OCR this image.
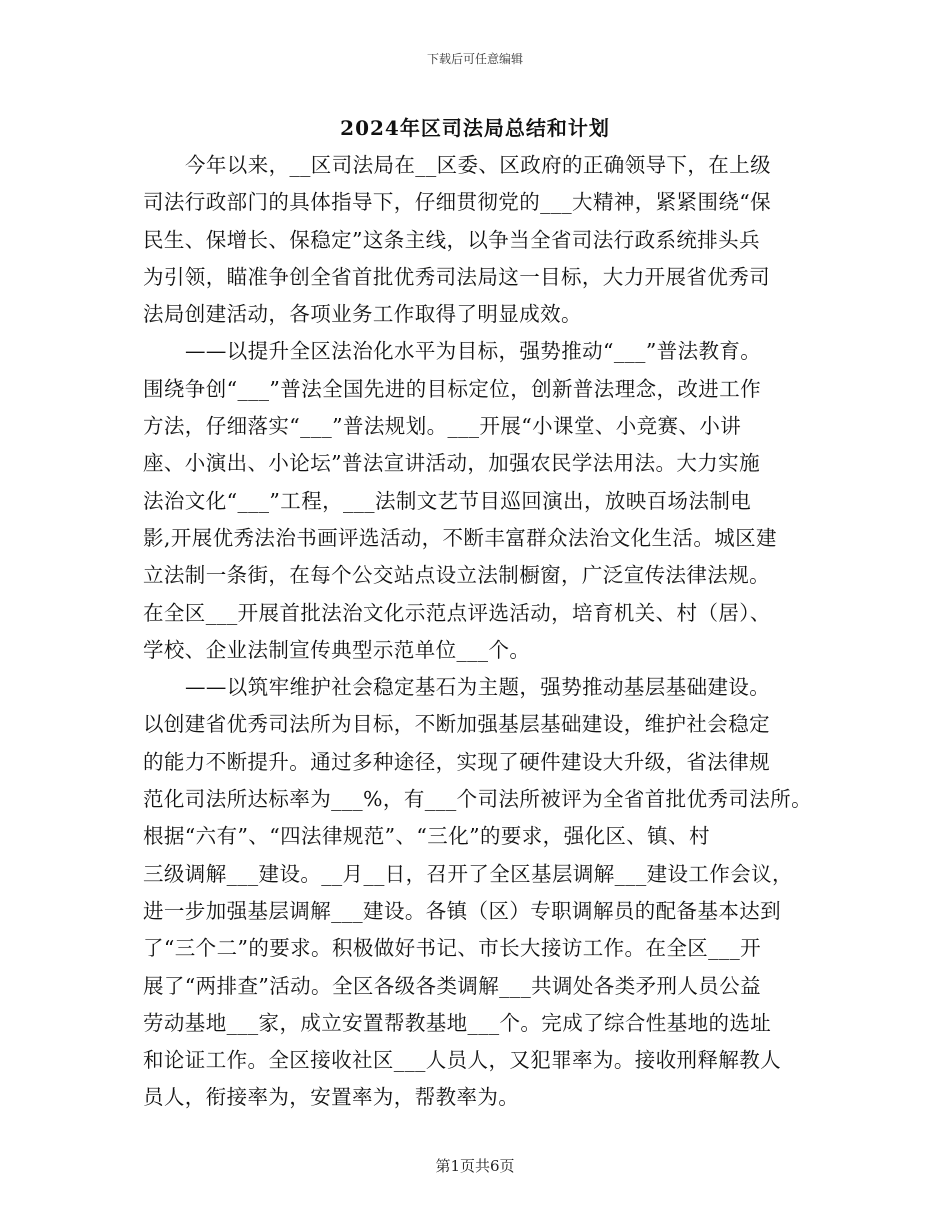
下载后可任意编辑
2024年区司法局总结和计划
今年以来，__区司法局在__区委、区政府的正确领导下，在上级
司法行政部门的具体指导下，仔细贯彻党的___大精神，紧紧围绕“保
民生、保增长、保稳定”这条主线，以争当全省司法行政系统排头兵
为引领，瞄准争创全省首批优秀司法局这一目标，大力开展省优秀司
法局创建活动，各项业务工作取得了明显成效。
——以提升全区法治化水平为目标，强势推动“___”普法教育。
围绕争创“___”普法全国先进的目标定位，创新普法理念，改进工作
方法，仔细落实“___”普法规划。___开展“小课堂、小竞赛、小讲
座、小演出、小论坛”普法宣讲活动，加强农民学法用法。大力实施
法治文化“___”工程，___法制文艺节目巡回演出，放映百场法制电
影,开展优秀法治书画评选活动，不断丰富群众法治文化生活。城区建
立法制一条街，在每个公交站点设立法制橱窗，广泛宣传法律法规。
在全区___开展首批法治文化示范点评选活动，培育机关、村（居）、
学校、企业法制宣传典型示范单位___个。
——以筑牢维护社会稳定基石为主题，强势推动基层基础建设。
以创建省优秀司法所为目标，不断加强基层基础建设，维护社会稳定
的能力不断提升。通过多种途径，实现了硬件建设大升级，省法律规
范化司法所达标率为___%，有___个司法所被评为全省首批优秀司法所。
根据“六有”、“四法律规范”、“三化”的要求，强化区、镇、村
三级调解___建设。__月__日，召开了全区基层调解___建设工作会议，
进一步加强基层调解___建设。各镇（区）专职调解员的配备基本达到
了“三个二”的要求。积极做好书记、市长大接访工作。在全区___开
展了“两排查”活动。全区各级各类调解___共调处各类矛刑人员公益
劳动基地___家，成立安置帮教基地___个。完成了综合性基地的选址
和论证工作。全区接收社区___人员人，又犯罪率为。接收刑释解教人
员人，衔接率为，安置率为，帮教率为。
第1页共6页
